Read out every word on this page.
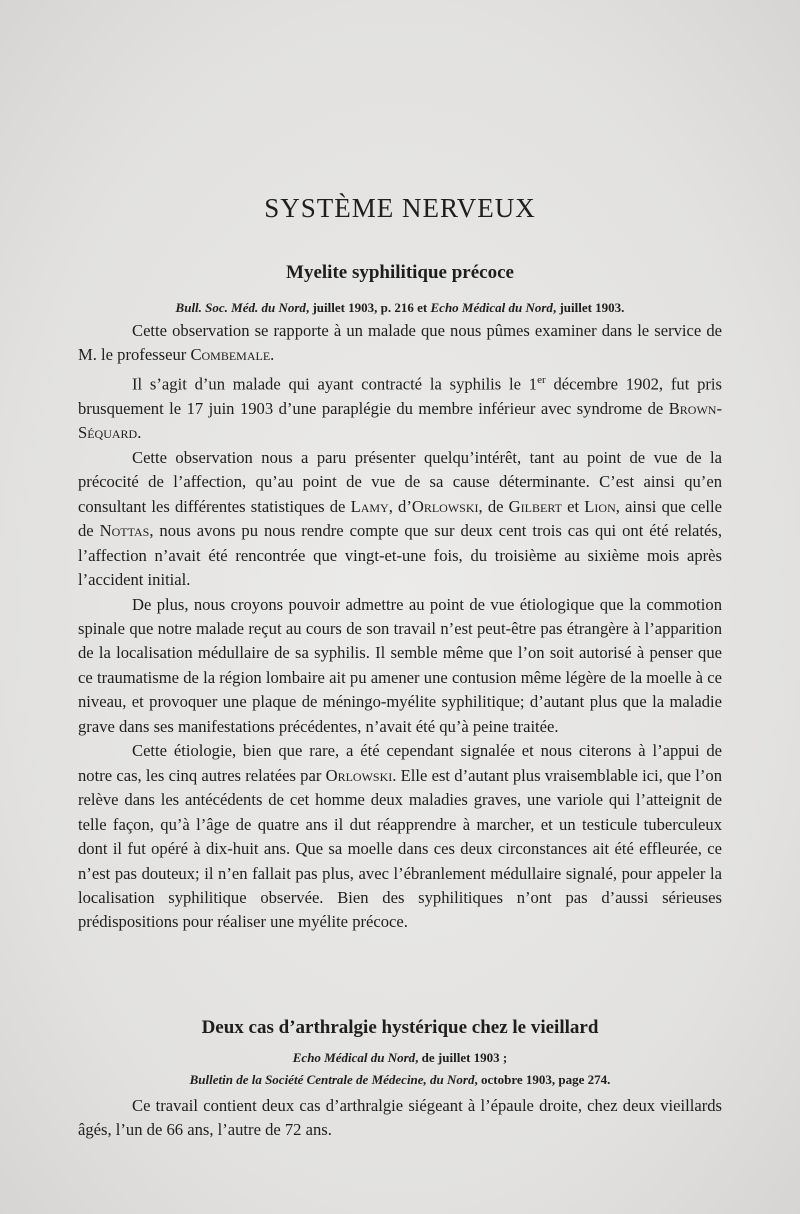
SYSTÈME NERVEUX
Myelite syphilitique précoce
Bull. Soc. Méd. du Nord, juillet 1903, p. 216 et Echo Médical du Nord, juillet 1903.

Cette observation se rapporte à un malade que nous pûmes examiner dans le service de M. le professeur Combemale.

Il s’agit d’un malade qui ayant contracté la syphilis le 1er décembre 1902, fut pris brusquement le 17 juin 1903 d’une paraplégie du membre inférieur avec syndrome de Brown-Séquard.

Cette observation nous a paru présenter quelqu’intérêt, tant au point de vue de la précocité de l’affection, qu’au point de vue de sa cause déterminante. C’est ainsi qu’en consultant les différentes statistiques de Lamy, d’Orlowski, de Gilbert et Lion, ainsi que celle de Nottas, nous avons pu nous rendre compte que sur deux cent trois cas qui ont été relatés, l’affection n’avait été rencontrée que vingt-et-une fois, du troisième au sixième mois après l’accident initial.

De plus, nous croyons pouvoir admettre au point de vue étiologique que la commotion spinale que notre malade reçut au cours de son travail n’est peut-être pas étrangère à l’apparition de la localisation médullaire de sa syphilis. Il semble même que l’on soit autorisé à penser que ce traumatisme de la région lombaire ait pu amener une contusion même légère de la moelle à ce niveau, et provoquer une plaque de méningo-myélite syphilitique; d’autant plus que la maladie grave dans ses manifestations précédentes, n’avait été qu’à peine traitée.

Cette étiologie, bien que rare, a été cependant signalée et nous citerons à l’appui de notre cas, les cinq autres relatées par Orlowski. Elle est d’autant plus vraisemblable ici, que l’on relève dans les antécédents de cet homme deux maladies graves, une variole qui l’atteignit de telle façon, qu’à l’âge de quatre ans il dut réapprendre à marcher, et un testicule tuberculeux dont il fut opéré à dix-huit ans. Que sa moelle dans ces deux circonstances ait été effleurée, ce n’est pas douteux; il n’en fallait pas plus, avec l’ébranlement médullaire signalé, pour appeler la localisation syphilitique observée. Bien des syphilitiques n’ont pas d’aussi sérieuses prédispositions pour réaliser une myélite précoce.

Deux cas d’arthralgie hystérique chez le vieillard
Echo Médical du Nord, de juillet 1903 ;
Bulletin de la Société Centrale de Médecine, du Nord, octobre 1903, page 274.

Ce travail contient deux cas d’arthralgie siégeant à l’épaule droite, chez deux vieillards âgés, l’un de 66 ans, l’autre de 72 ans.
